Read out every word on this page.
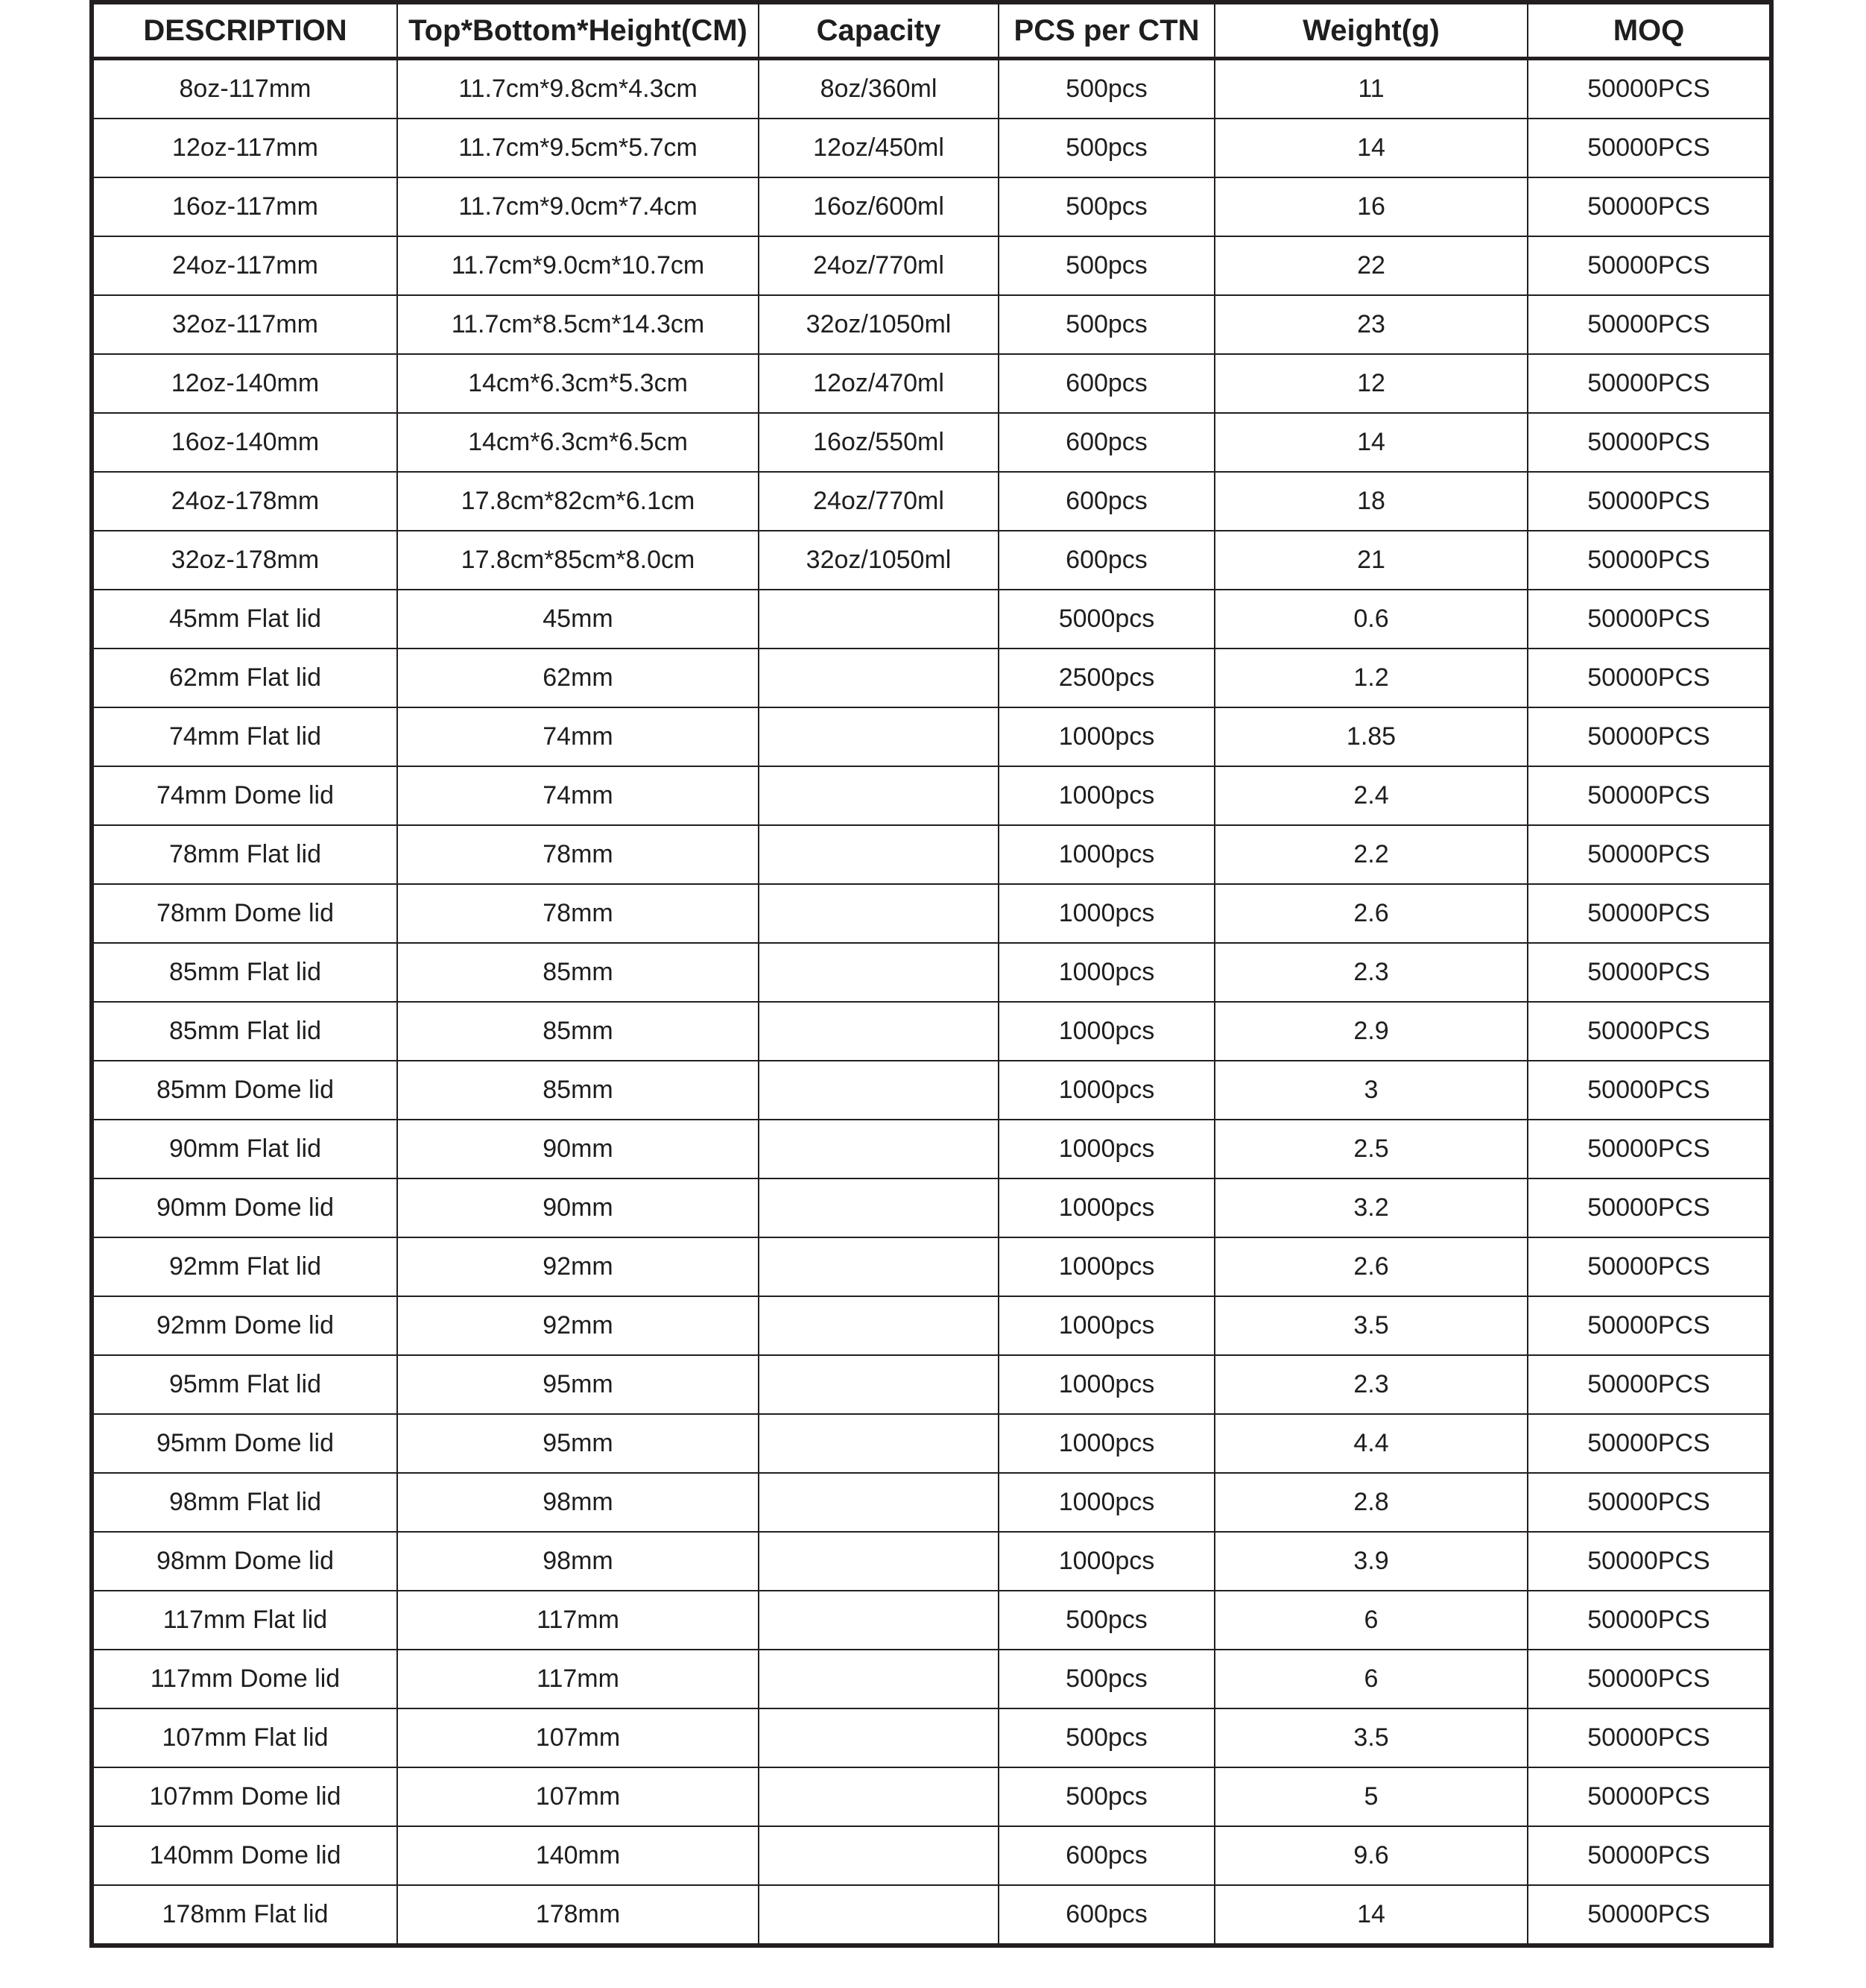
DESCRIPTION	Top*Bottom*Height(CM)	Capacity	PCS per CTN	Weight(g)	MOQ
8oz-117mm	11.7cm*9.8cm*4.3cm	8oz/360ml	500pcs	11	50000PCS
12oz-117mm	11.7cm*9.5cm*5.7cm	12oz/450ml	500pcs	14	50000PCS
16oz-117mm	11.7cm*9.0cm*7.4cm	16oz/600ml	500pcs	16	50000PCS
24oz-117mm	11.7cm*9.0cm*10.7cm	24oz/770ml	500pcs	22	50000PCS
32oz-117mm	11.7cm*8.5cm*14.3cm	32oz/1050ml	500pcs	23	50000PCS
12oz-140mm	14cm*6.3cm*5.3cm	12oz/470ml	600pcs	12	50000PCS
16oz-140mm	14cm*6.3cm*6.5cm	16oz/550ml	600pcs	14	50000PCS
24oz-178mm	17.8cm*82cm*6.1cm	24oz/770ml	600pcs	18	50000PCS
32oz-178mm	17.8cm*85cm*8.0cm	32oz/1050ml	600pcs	21	50000PCS
45mm Flat lid	45mm		5000pcs	0.6	50000PCS
62mm Flat lid	62mm		2500pcs	1.2	50000PCS
74mm Flat lid	74mm		1000pcs	1.85	50000PCS
74mm Dome lid	74mm		1000pcs	2.4	50000PCS
78mm Flat lid	78mm		1000pcs	2.2	50000PCS
78mm Dome lid	78mm		1000pcs	2.6	50000PCS
85mm Flat lid	85mm		1000pcs	2.3	50000PCS
85mm Flat lid	85mm		1000pcs	2.9	50000PCS
85mm Dome lid	85mm		1000pcs	3	50000PCS
90mm Flat lid	90mm		1000pcs	2.5	50000PCS
90mm Dome lid	90mm		1000pcs	3.2	50000PCS
92mm Flat lid	92mm		1000pcs	2.6	50000PCS
92mm Dome lid	92mm		1000pcs	3.5	50000PCS
95mm Flat lid	95mm		1000pcs	2.3	50000PCS
95mm Dome lid	95mm		1000pcs	4.4	50000PCS
98mm Flat lid	98mm		1000pcs	2.8	50000PCS
98mm Dome lid	98mm		1000pcs	3.9	50000PCS
117mm Flat lid	117mm		500pcs	6	50000PCS
117mm Dome lid	117mm		500pcs	6	50000PCS
107mm Flat lid	107mm		500pcs	3.5	50000PCS
107mm Dome lid	107mm		500pcs	5	50000PCS
140mm Dome lid	140mm		600pcs	9.6	50000PCS
178mm Flat lid	178mm		600pcs	14	50000PCS
